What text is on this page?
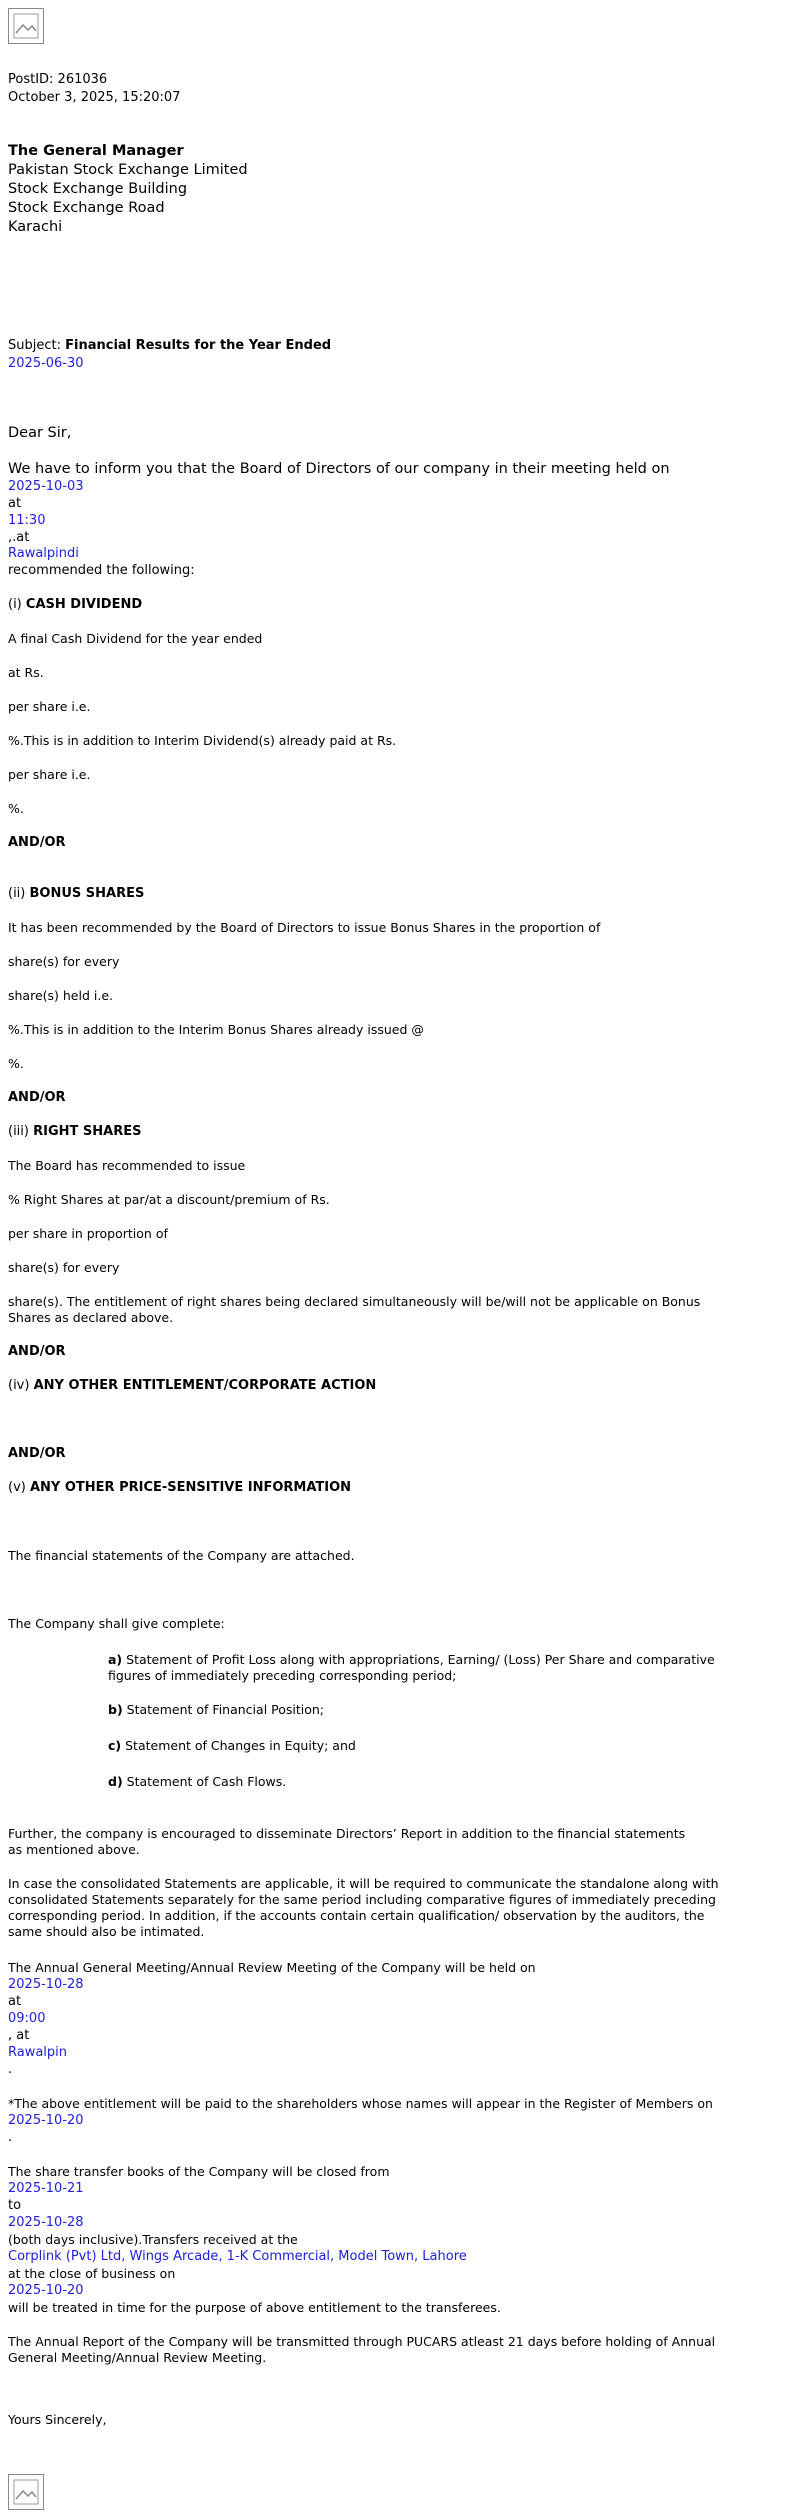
PostID: 261036
October 3, 2025, 15:20:07
The General Manager
Pakistan Stock Exchange Limited
Stock Exchange Building
Stock Exchange Road
Karachi
Subject: Financial Results for the Year Ended
2025-06-30
Dear Sir,
We have to inform you that the Board of Directors of our company in their meeting held on
2025-10-03
at
11:30
,.at
Rawalpindi
recommended the following:
(i) CASH DIVIDEND
A final Cash Dividend for the year ended
at Rs.
per share i.e.
%.This is in addition to Interim Dividend(s) already paid at Rs.
per share i.e.
%.
AND/OR
(ii) BONUS SHARES
It has been recommended by the Board of Directors to issue Bonus Shares in the proportion of
share(s) for every
share(s) held i.e.
%.This is in addition to the Interim Bonus Shares already issued @
%.
AND/OR
(iii) RIGHT SHARES
The Board has recommended to issue
% Right Shares at par/at a discount/premium of Rs.
per share in proportion of
share(s) for every
share(s). The entitlement of right shares being declared simultaneously will be/will not be applicable on Bonus
Shares as declared above.
AND/OR
(iv) ANY OTHER ENTITLEMENT/CORPORATE ACTION
AND/OR
(v) ANY OTHER PRICE-SENSITIVE INFORMATION
The financial statements of the Company are attached.
The Company shall give complete:
a) Statement of Profit Loss along with appropriations, Earning/ (Loss) Per Share and comparative
figures of immediately preceding corresponding period;
b) Statement of Financial Position;
c) Statement of Changes in Equity; and
d) Statement of Cash Flows.
Further, the company is encouraged to disseminate Directors’ Report in addition to the financial statements
as mentioned above.
In case the consolidated Statements are applicable, it will be required to communicate the standalone along with
consolidated Statements separately for the same period including comparative figures of immediately preceding
corresponding period. In addition, if the accounts contain certain qualification/ observation by the auditors, the
same should also be intimated.
The Annual General Meeting/Annual Review Meeting of the Company will be held on
2025-10-28
at
09:00
, at
Rawalpin
.
*The above entitlement will be paid to the shareholders whose names will appear in the Register of Members on
2025-10-20
.
The share transfer books of the Company will be closed from
2025-10-21
to
2025-10-28
(both days inclusive).Transfers received at the
Corplink (Pvt) Ltd, Wings Arcade, 1-K Commercial, Model Town, Lahore
at the close of business on
2025-10-20
will be treated in time for the purpose of above entitlement to the transferees.
The Annual Report of the Company will be transmitted through PUCARS atleast 21 days before holding of Annual
General Meeting/Annual Review Meeting.
Yours Sincerely,
